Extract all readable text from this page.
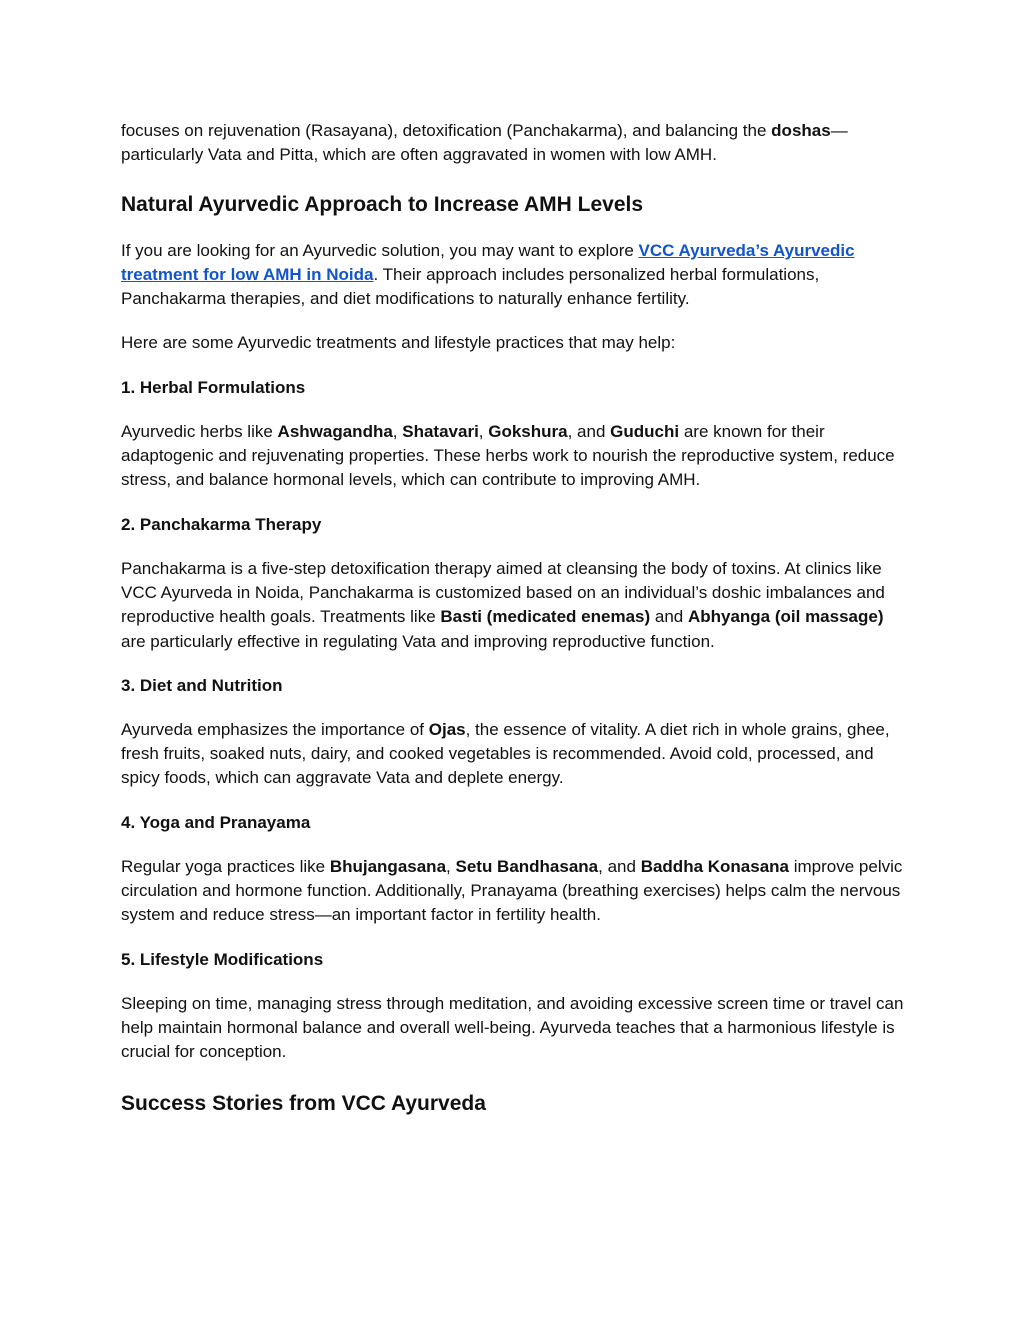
focuses on rejuvenation (Rasayana), detoxification (Panchakarma), and balancing the doshas—particularly Vata and Pitta, which are often aggravated in women with low AMH.

Natural Ayurvedic Approach to Increase AMH Levels

If you are looking for an Ayurvedic solution, you may want to explore VCC Ayurveda’s Ayurvedic treatment for low AMH in Noida. Their approach includes personalized herbal formulations, Panchakarma therapies, and diet modifications to naturally enhance fertility.

Here are some Ayurvedic treatments and lifestyle practices that may help:

1. Herbal Formulations

Ayurvedic herbs like Ashwagandha, Shatavari, Gokshura, and Guduchi are known for their adaptogenic and rejuvenating properties. These herbs work to nourish the reproductive system, reduce stress, and balance hormonal levels, which can contribute to improving AMH.

2. Panchakarma Therapy

Panchakarma is a five-step detoxification therapy aimed at cleansing the body of toxins. At clinics like VCC Ayurveda in Noida, Panchakarma is customized based on an individual’s doshic imbalances and reproductive health goals. Treatments like Basti (medicated enemas) and Abhyanga (oil massage) are particularly effective in regulating Vata and improving reproductive function.

3. Diet and Nutrition

Ayurveda emphasizes the importance of Ojas, the essence of vitality. A diet rich in whole grains, ghee, fresh fruits, soaked nuts, dairy, and cooked vegetables is recommended. Avoid cold, processed, and spicy foods, which can aggravate Vata and deplete energy.

4. Yoga and Pranayama

Regular yoga practices like Bhujangasana, Setu Bandhasana, and Baddha Konasana improve pelvic circulation and hormone function. Additionally, Pranayama (breathing exercises) helps calm the nervous system and reduce stress—an important factor in fertility health.

5. Lifestyle Modifications

Sleeping on time, managing stress through meditation, and avoiding excessive screen time or travel can help maintain hormonal balance and overall well-being. Ayurveda teaches that a harmonious lifestyle is crucial for conception.

Success Stories from VCC Ayurveda
